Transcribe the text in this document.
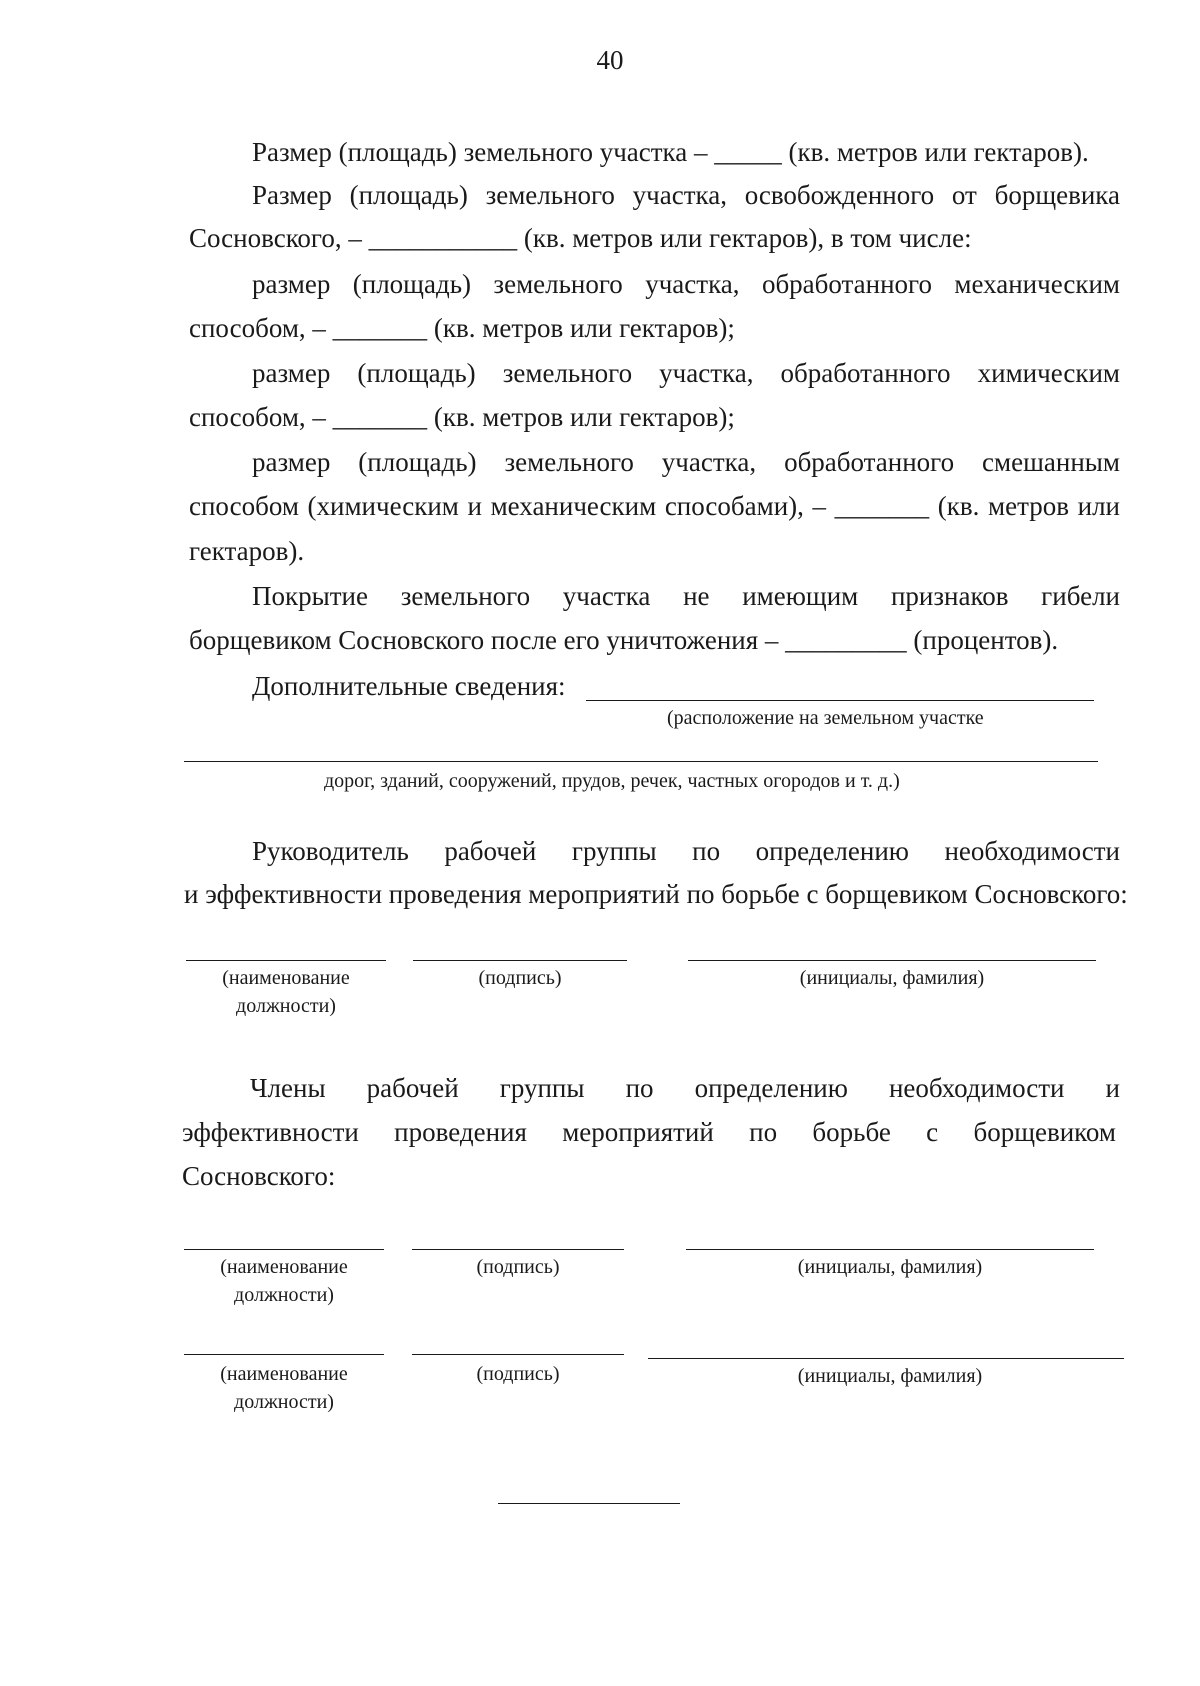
40
Размер (площадь) земельного участка – _____ (кв. метров или гектаров).
Размер (площадь) земельного участка, освобожденного от борщевика
Сосновского, – ___________ (кв. метров или гектаров), в том числе:
размер (площадь) земельного участка, обработанного механическим
способом, – _______ (кв. метров или гектаров);
размер (площадь) земельного участка, обработанного химическим
способом, – _______ (кв. метров или гектаров);
размер (площадь) земельного участка, обработанного смешанным
способом (химическим и механическим способами), – _______ (кв. метров или
гектаров).
Покрытие земельного участка не имеющим признаков гибели
борщевиком Сосновского после его уничтожения – _________ (процентов).
Дополнительные сведения:
(расположение на земельном участке
дорог, зданий, сооружений, прудов, речек, частных огородов и т. д.)
Руководитель рабочей группы по определению необходимости
и эффективности проведения мероприятий по борьбе с борщевиком Сосновского:
(наименование
должности)
(подпись)	(инициалы, фамилия)
Члены рабочей группы по определению необходимости и
эффективности проведения мероприятий по борьбе с борщевиком
Сосновского:
(наименование
должности)
(подпись)	(инициалы, фамилия)
(наименование
должности)
(подпись)	(инициалы, фамилия)
